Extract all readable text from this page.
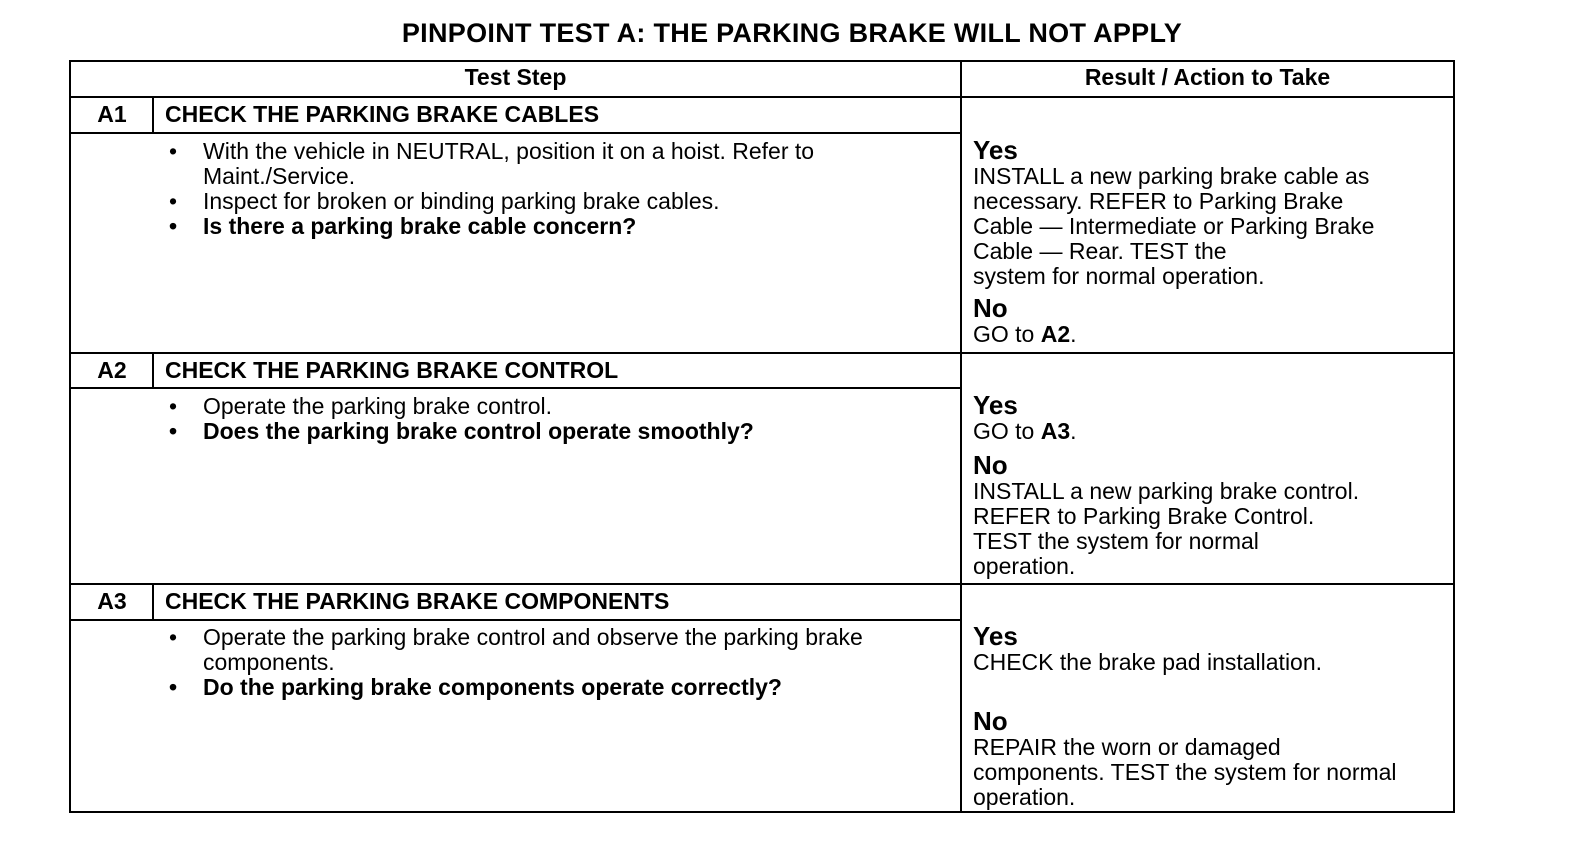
PINPOINT TEST A: THE PARKING BRAKE WILL NOT APPLY
Test Step	Result / Action to Take
A1	CHECK THE PARKING BRAKE CABLES
• With the vehicle in NEUTRAL, position it on a hoist. Refer to
Maint./Service.
• Inspect for broken or binding parking brake cables.
• Is there a parking brake cable concern?
Yes
INSTALL a new parking brake cable as
necessary. REFER to Parking Brake
Cable — Intermediate or Parking Brake
Cable — Rear. TEST the
system for normal operation.
No
GO to A2.
A2	CHECK THE PARKING BRAKE CONTROL
• Operate the parking brake control.
• Does the parking brake control operate smoothly?
Yes
GO to A3.
No
INSTALL a new parking brake control.
REFER to Parking Brake Control.
TEST the system for normal
operation.
A3	CHECK THE PARKING BRAKE COMPONENTS
• Operate the parking brake control and observe the parking brake
components.
• Do the parking brake components operate correctly?
Yes
CHECK the brake pad installation.
No
REPAIR the worn or damaged
components. TEST the system for normal
operation.
